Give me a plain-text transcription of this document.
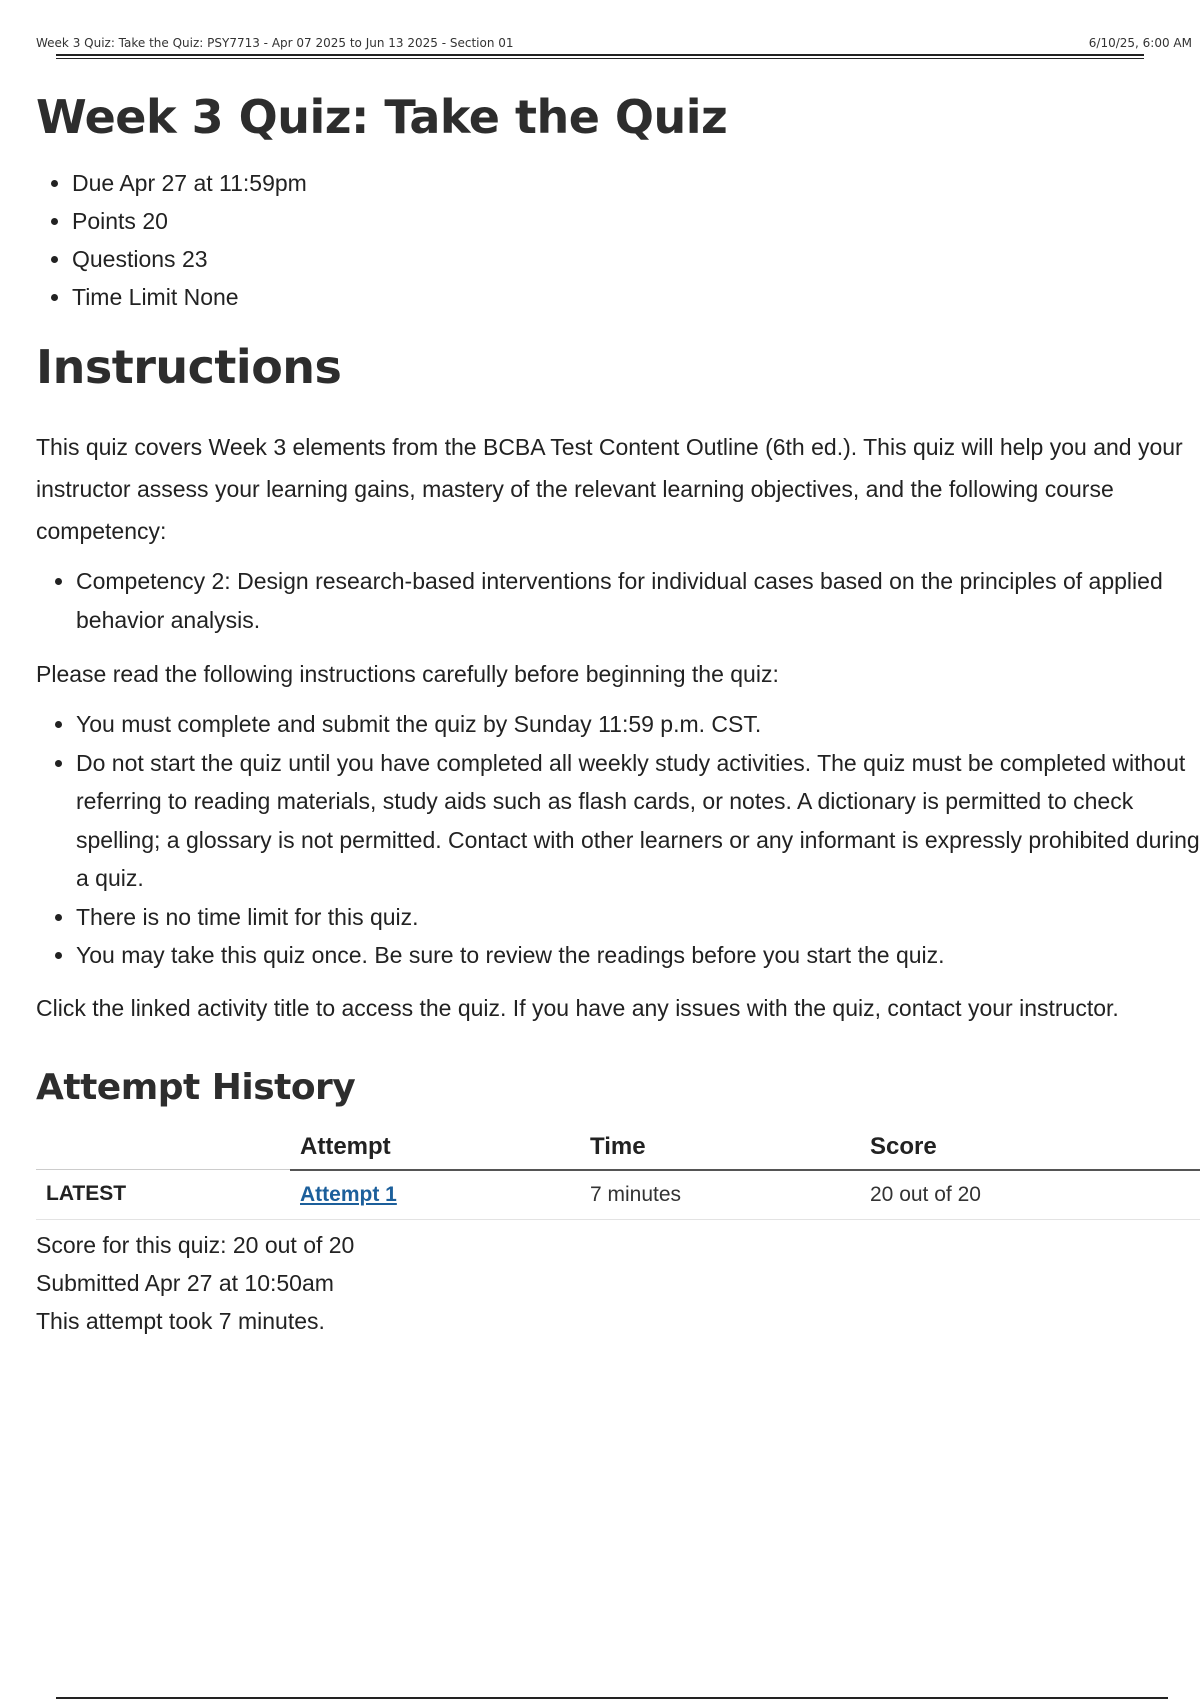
Week 3 Quiz: Take the Quiz: PSY7713 - Apr 07 2025 to Jun 13 2025 - Section 01	6/10/25, 6:00 AM
Week 3 Quiz: Take the Quiz
• Due Apr 27 at 11:59pm
• Points 20
• Questions 23
• Time Limit None
Instructions

This quiz covers Week 3 elements from the BCBA Test Content Outline (6th ed.). This quiz will help you and your instructor assess your learning gains, mastery of the relevant learning objectives, and the following course competency:

• Competency 2: Design research-based interventions for individual cases based on the principles of applied behavior analysis.

Please read the following instructions carefully before beginning the quiz:

• You must complete and submit the quiz by Sunday 11:59 p.m. CST.
• Do not start the quiz until you have completed all weekly study activities. The quiz must be completed without referring to reading materials, study aids such as flash cards, or notes. A dictionary is permitted to check spelling; a glossary is not permitted. Contact with other learners or any informant is expressly prohibited during a quiz.
• There is no time limit for this quiz.
• You may take this quiz once. Be sure to review the readings before you start the quiz.

Click the linked activity title to access the quiz. If you have any issues with the quiz, contact your instructor.

Attempt History
	Attempt	Time	Score
LATEST	Attempt 1	7 minutes	20 out of 20
Score for this quiz: 20 out of 20
Submitted Apr 27 at 10:50am
This attempt took 7 minutes.
